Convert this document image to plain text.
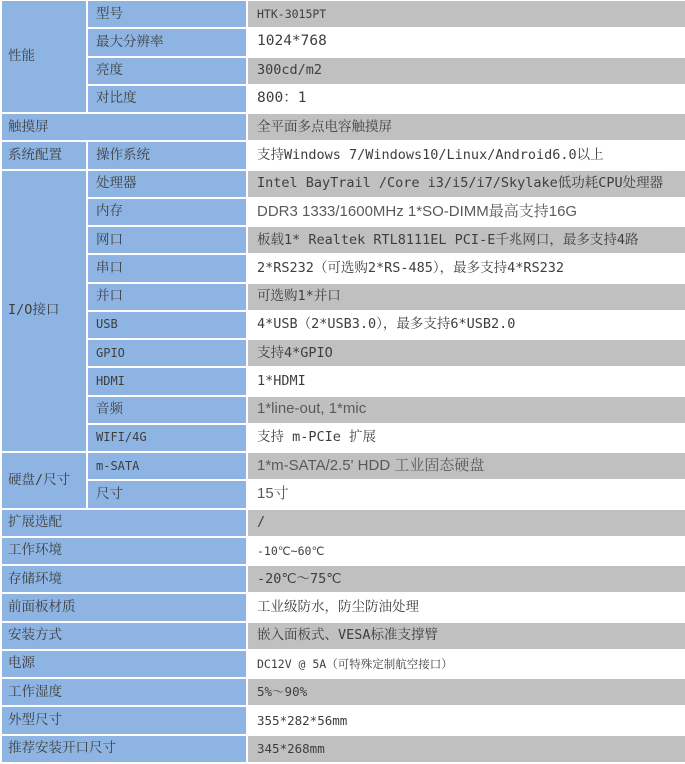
性能	型号	HTK-3015PT
	最大分辨率	1024*768
	亮度	300cd/m2
	对比度	800：1
触摸屏		全平面多点电容触摸屏
系统配置	操作系统	支持Windows 7/Windows10/Linux/Android6.0以上
I/O接口	处理器	Intel BayTrail /Core i3/i5/i7/Skylake低功耗CPU处理器
	内存	DDR3 1333/1600MHz 1*SO-DIMM最高支持16G
	网口	板载1* Realtek RTL8111EL PCI-E千兆网口，最多支持4路
	串口	2*RS232（可选购2*RS-485），最多支持4*RS232
	并口	可选购1*并口
	USB	4*USB（2*USB3.0），最多支持6*USB2.0
	GPIO	支持4*GPIO
	HDMI	1*HDMI
	音频	1*line-out, 1*mic
	WIFI/4G	支持 m-PCIe 扩展
硬盘/尺寸	m-SATA	1*m-SATA/2.5' HDD 工业固态硬盘
	尺寸	15寸
扩展选配		/
工作环境		-10℃~60℃
存储环境		-20℃～75℃
前面板材质		工业级防水，防尘防油处理
安装方式		嵌入面板式、VESA标准支撑臂
电源		DC12V @ 5A（可特殊定制航空接口）
工作湿度		5%～90%
外型尺寸		355*282*56mm
推荐安装开口尺寸		345*268mm
